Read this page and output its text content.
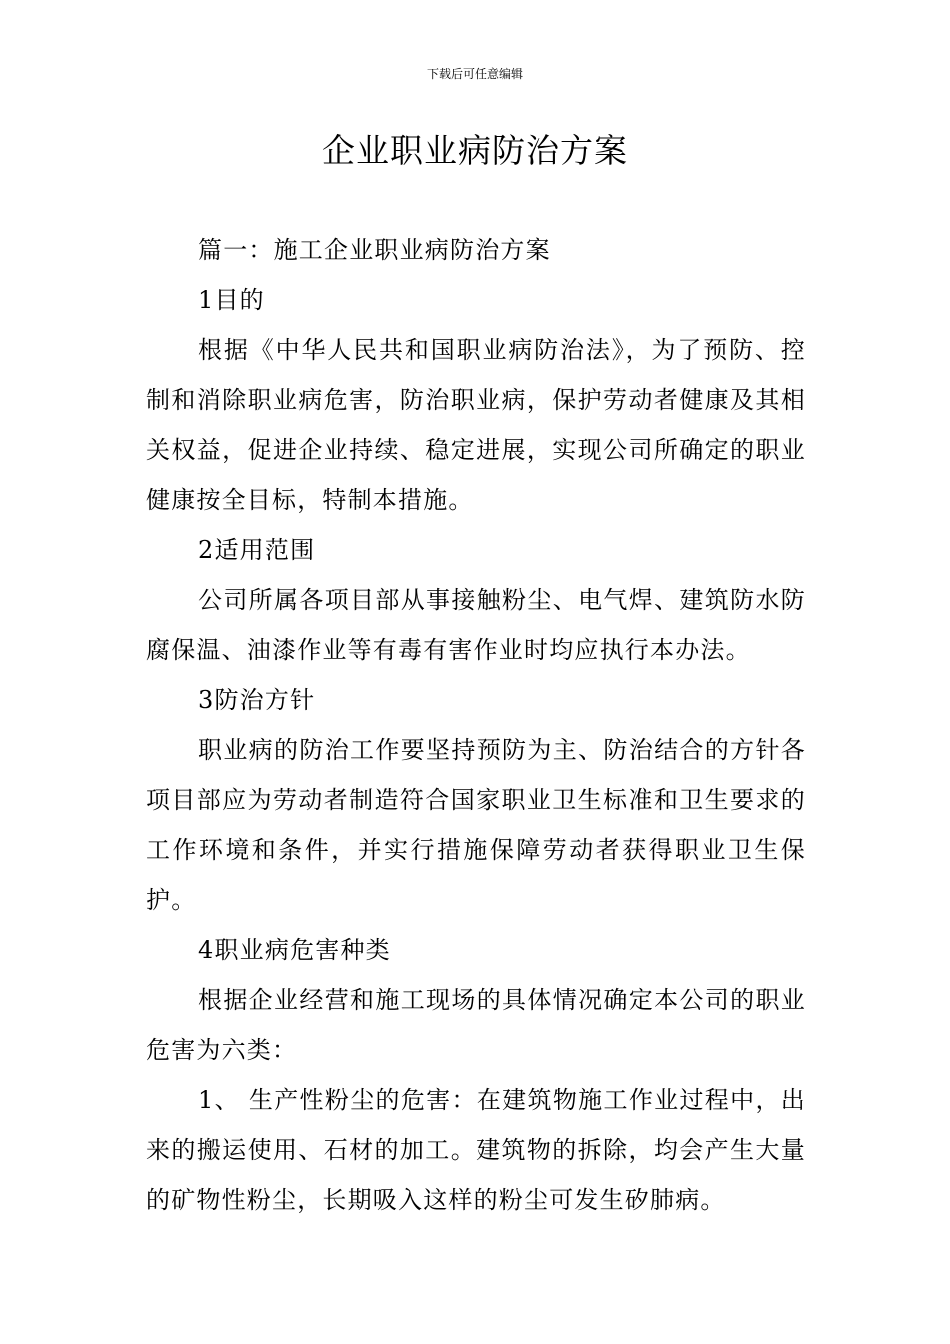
下载后可任意编辑
企业职业病防治方案

篇一：施工企业职业病防治方案

1目的

根据《中华人民共和国职业病防治法》，为了预防、控制和消除职业病危害，防治职业病，保护劳动者健康及其相关权益，促进企业持续、稳定进展，实现公司所确定的职业健康按全目标，特制本措施。

2适用范围

公司所属各项目部从事接触粉尘、电气焊、建筑防水防腐保温、油漆作业等有毒有害作业时均应执行本办法。

3防治方针

职业病的防治工作要坚持预防为主、防治结合的方针各项目部应为劳动者制造符合国家职业卫生标准和卫生要求的工作环境和条件，并实行措施保障劳动者获得职业卫生保护。

4职业病危害种类

根据企业经营和施工现场的具体情况确定本公司的职业危害为六类：

1、 生产性粉尘的危害：在建筑物施工作业过程中，出来的搬运使用、石材的加工。建筑物的拆除，均会产生大量的矿物性粉尘，长期吸入这样的粉尘可发生矽肺病。
